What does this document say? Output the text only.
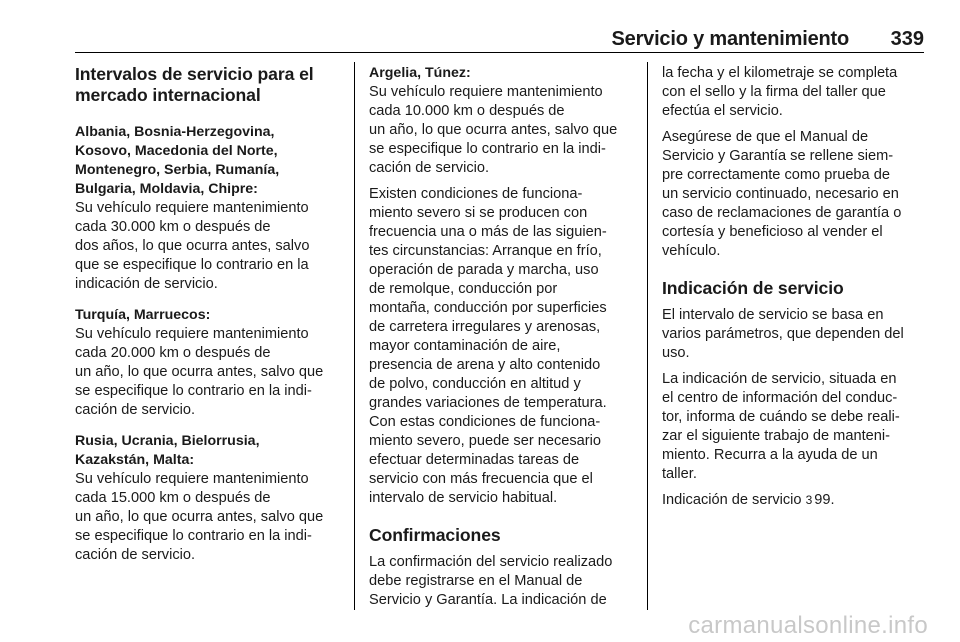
Servicio y mantenimiento 339
Intervalos de servicio para el
mercado internacional
Albania, Bosnia-Herzegovina,
Kosovo, Macedonia del Norte,
Montenegro, Serbia, Rumanía,
Bulgaria, Moldavia, Chipre:
Su vehículo requiere mantenimiento
cada 30.000 km o después de
dos años, lo que ocurra antes, salvo
que se especifique lo contrario en la
indicación de servicio.
Turquía, Marruecos:
Su vehículo requiere mantenimiento
cada 20.000 km o después de
un año, lo que ocurra antes, salvo que
se especifique lo contrario en la indi-
cación de servicio.
Rusia, Ucrania, Bielorrusia,
Kazakstán, Malta:
Su vehículo requiere mantenimiento
cada 15.000 km o después de
un año, lo que ocurra antes, salvo que
se especifique lo contrario en la indi-
cación de servicio.
Argelia, Túnez:
Su vehículo requiere mantenimiento
cada 10.000 km o después de
un año, lo que ocurra antes, salvo que
se especifique lo contrario en la indi-
cación de servicio.
Existen condiciones de funciona-
miento severo si se producen con
frecuencia una o más de las siguien-
tes circunstancias: Arranque en frío,
operación de parada y marcha, uso
de remolque, conducción por
montaña, conducción por superficies
de carretera irregulares y arenosas,
mayor contaminación de aire,
presencia de arena y alto contenido
de polvo, conducción en altitud y
grandes variaciones de temperatura.
Con estas condiciones de funciona-
miento severo, puede ser necesario
efectuar determinadas tareas de
servicio con más frecuencia que el
intervalo de servicio habitual.
Confirmaciones
La confirmación del servicio realizado
debe registrarse en el Manual de
Servicio y Garantía. La indicación de
la fecha y el kilometraje se completa
con el sello y la firma del taller que
efectúa el servicio.
Asegúrese de que el Manual de
Servicio y Garantía se rellene siem-
pre correctamente como prueba de
un servicio continuado, necesario en
caso de reclamaciones de garantía o
cortesía y beneficioso al vender el
vehículo.
Indicación de servicio
El intervalo de servicio se basa en
varios parámetros, que dependen del
uso.
La indicación de servicio, situada en
el centro de información del conduc-
tor, informa de cuándo se debe reali-
zar el siguiente trabajo de manteni-
miento. Recurra a la ayuda de un
taller.
Indicación de servicio 3 99.
carmanualsonline.info
